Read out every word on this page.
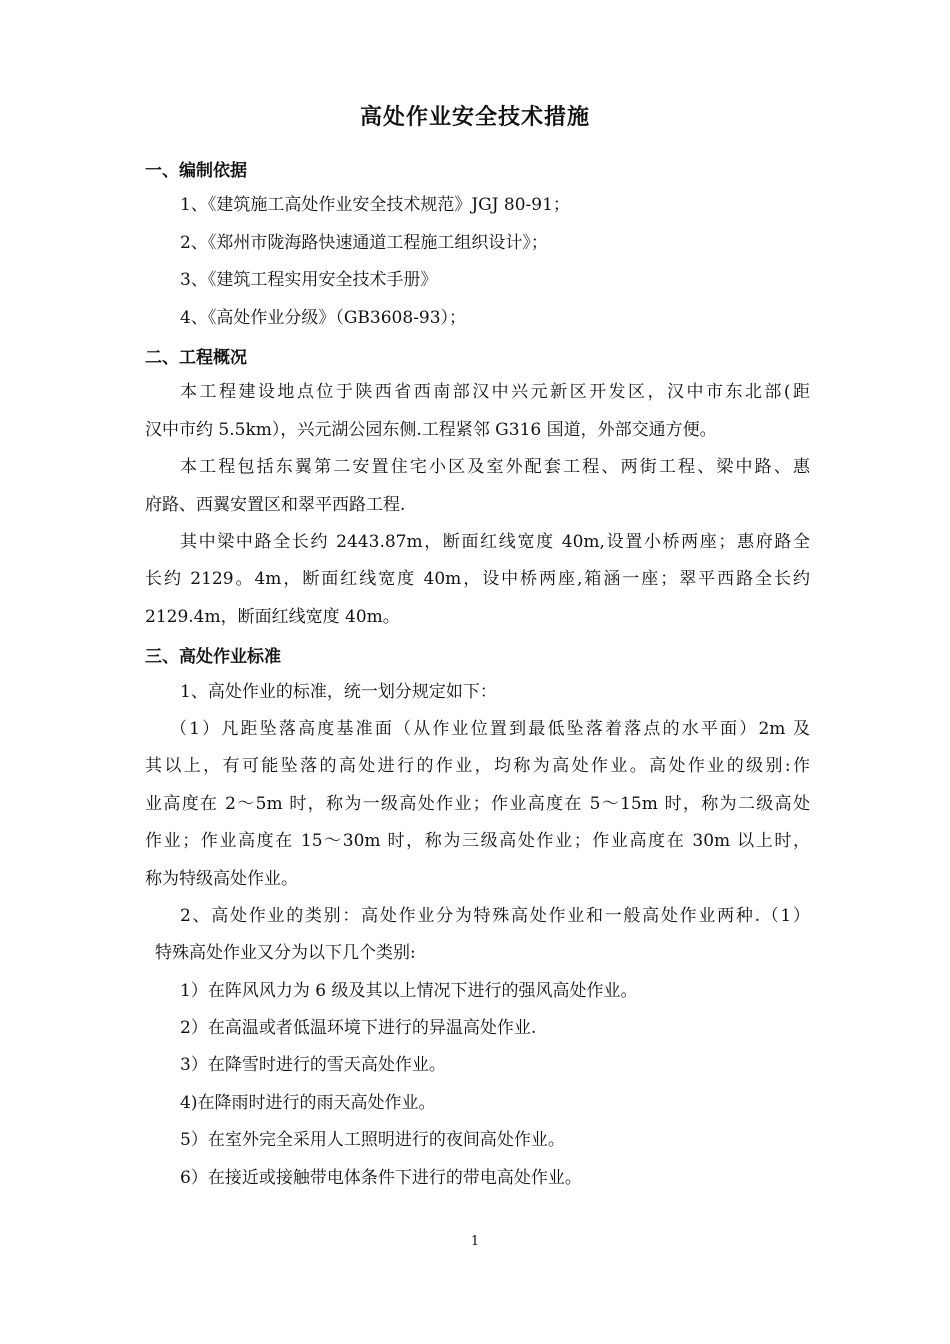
高处作业安全技术措施
一、编制依据
1、《建筑施工高处作业安全技术规范》JGJ 80-91；
2、《郑州市陇海路快速通道工程施工组织设计》；
3、《建筑工程实用安全技术手册》
4、《高处作业分级》（GB3608-93）；
二、工程概况
本工程建设地点位于陕西省西南部汉中兴元新区开发区，汉中市东北部(距
汉中市约 5.5km），兴元湖公园东侧.工程紧邻 G316 国道，外部交通方便。
本工程包括东翼第二安置住宅小区及室外配套工程、两街工程、梁中路、惠
府路、西翼安置区和翠平西路工程.
其中梁中路全长约 2443.87m，断面红线宽度 40m,设置小桥两座；惠府路全
长约 2129。4m，断面红线宽度 40m，设中桥两座,箱涵一座；翠平西路全长约
2129.4m，断面红线宽度 40m。
三、高处作业标准
1、高处作业的标准，统一划分规定如下：
（1）凡距坠落高度基准面（从作业位置到最低坠落着落点的水平面）2m 及
其以上，有可能坠落的高处进行的作业，均称为高处作业。高处作业的级别:作
业高度在 2～5m 时，称为一级高处作业；作业高度在 5～15m 时，称为二级高处
作业；作业高度在 15～30m 时，称为三级高处作业；作业高度在 30m 以上时，
称为特级高处作业。
2、高处作业的类别：高处作业分为特殊高处作业和一般高处作业两种.（1）
特殊高处作业又分为以下几个类别:
1）在阵风风力为 6 级及其以上情况下进行的强风高处作业。
2）在高温或者低温环境下进行的异温高处作业.
3）在降雪时进行的雪天高处作业。
4)在降雨时进行的雨天高处作业。
5）在室外完全采用人工照明进行的夜间高处作业。
6）在接近或接触带电体条件下进行的带电高处作业。
1
